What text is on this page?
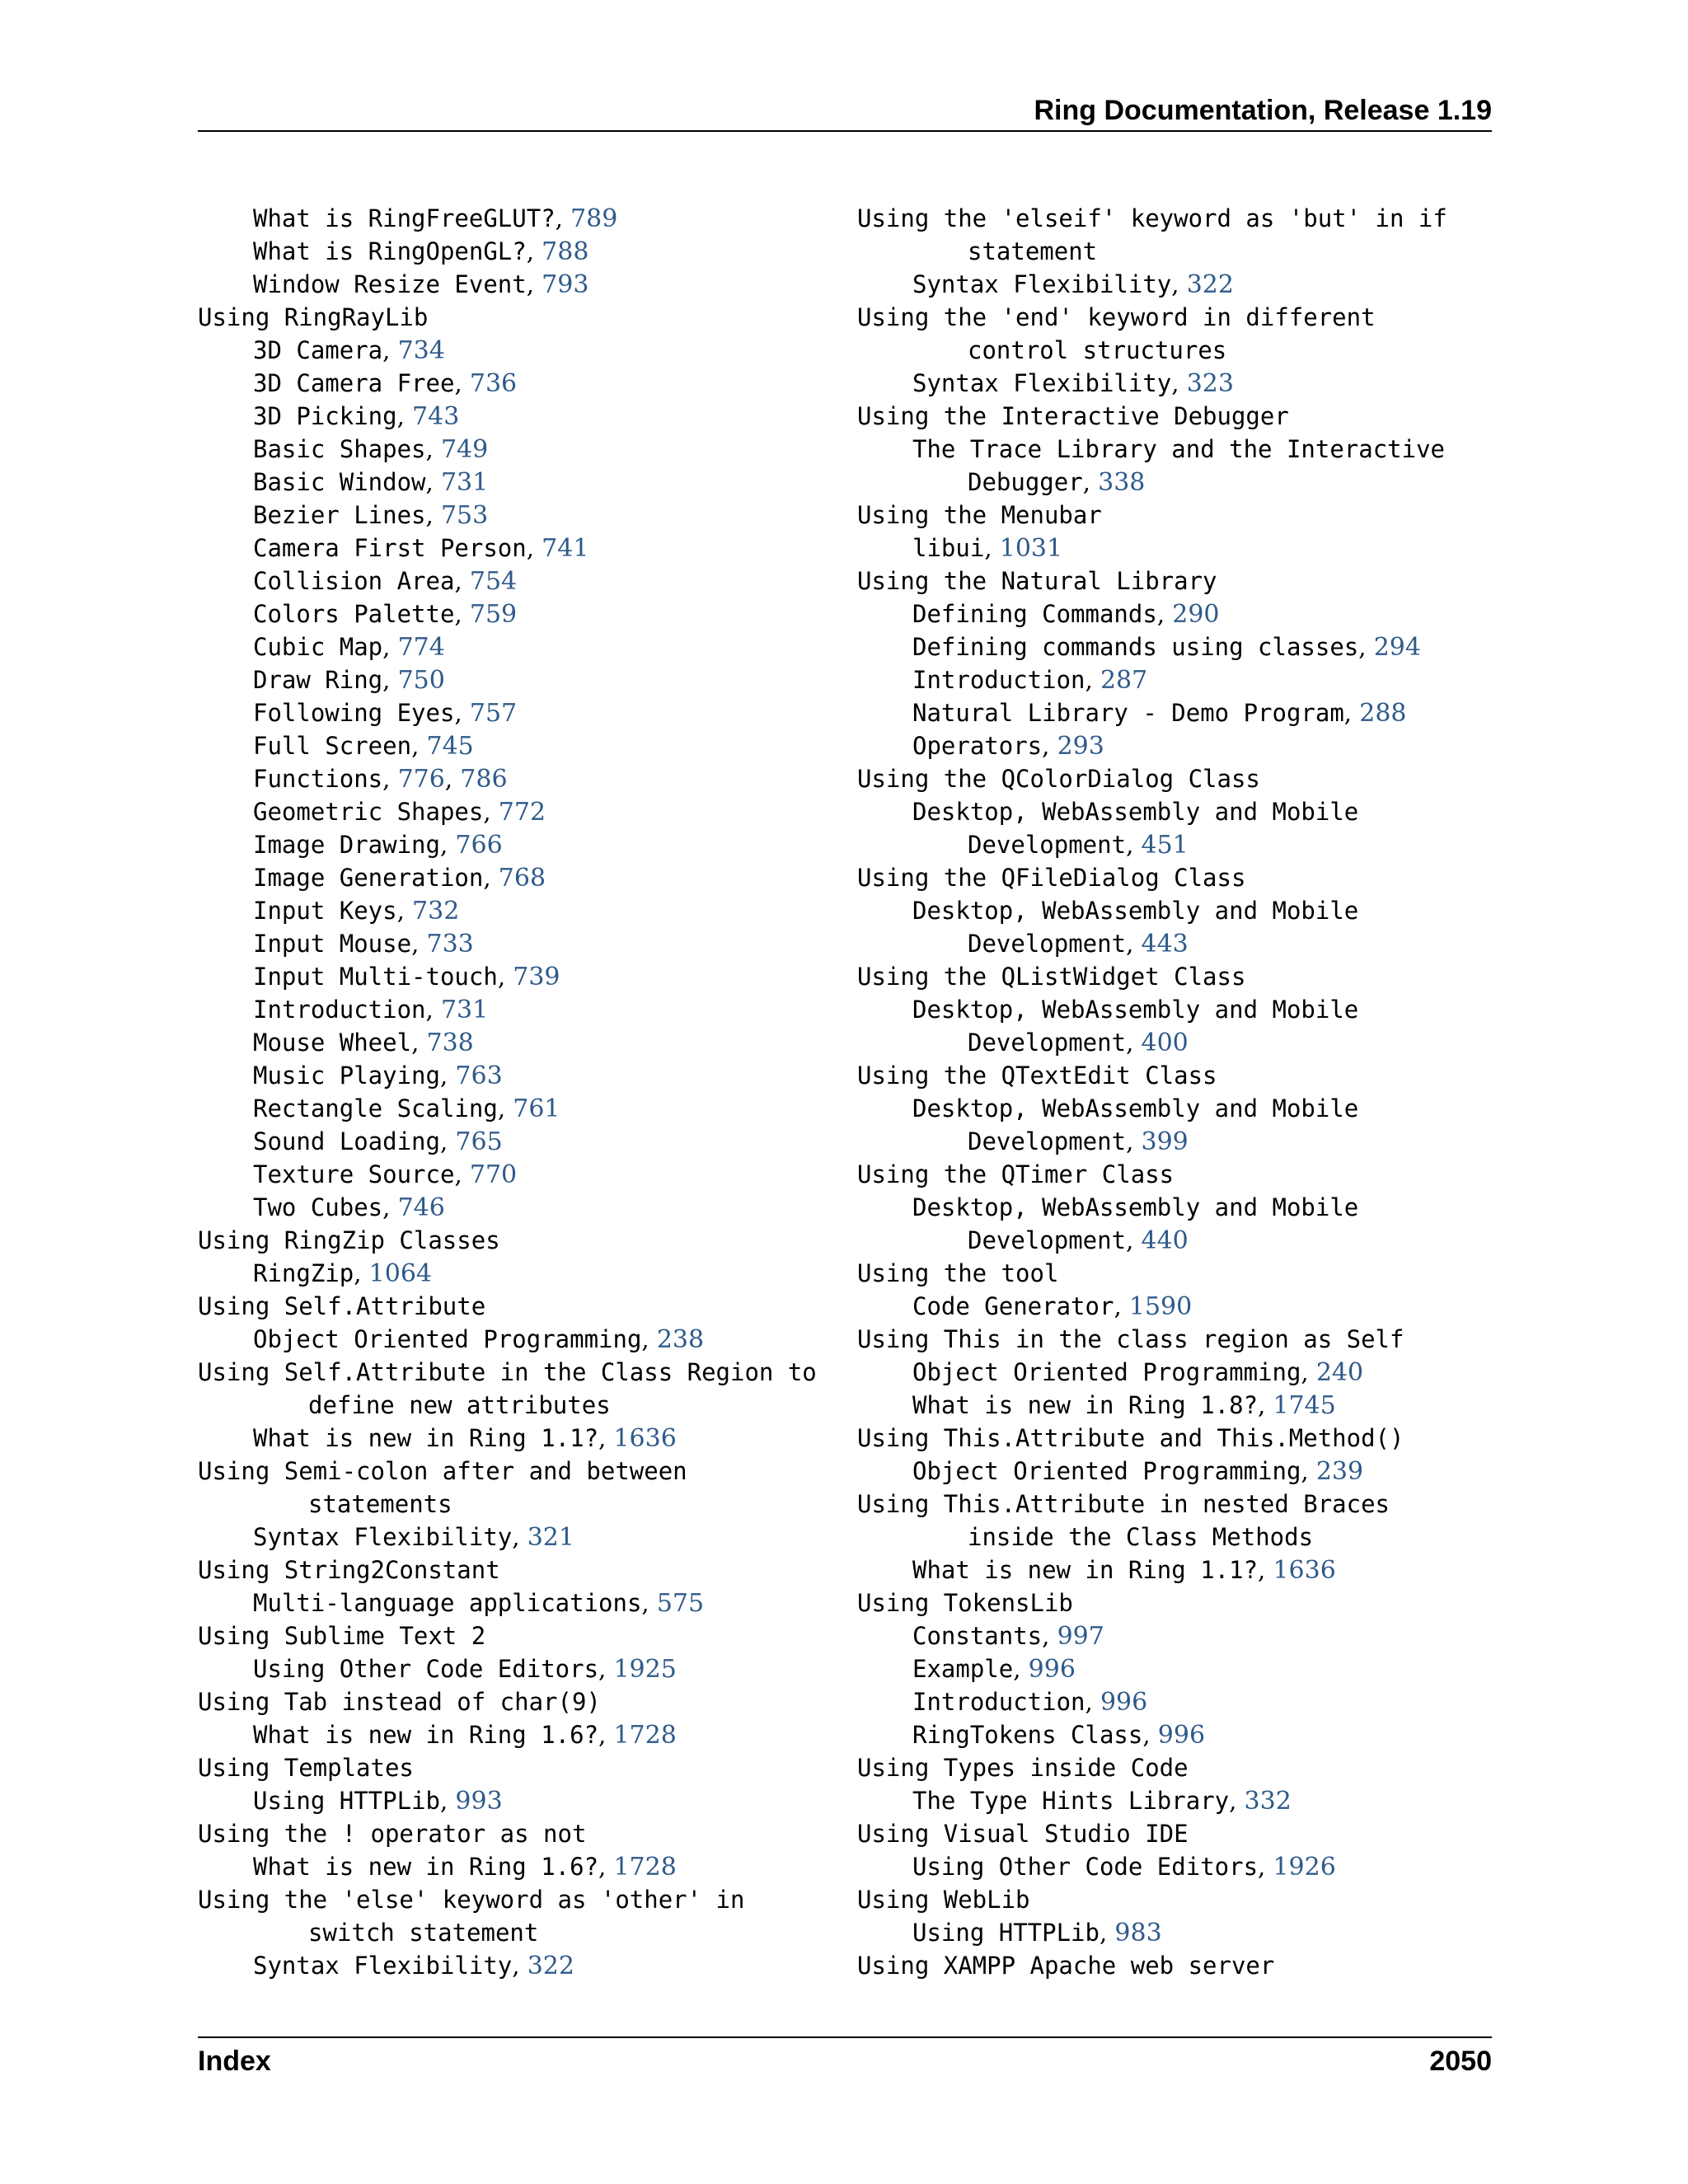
Ring Documentation, Release 1.19
What is RingFreeGLUT?, 789
What is RingOpenGL?, 788
Window Resize Event, 793
Using RingRayLib
3D Camera, 734
3D Camera Free, 736
3D Picking, 743
Basic Shapes, 749
Basic Window, 731
Bezier Lines, 753
Camera First Person, 741
Collision Area, 754
Colors Palette, 759
Cubic Map, 774
Draw Ring, 750
Following Eyes, 757
Full Screen, 745
Functions, 776, 786
Geometric Shapes, 772
Image Drawing, 766
Image Generation, 768
Input Keys, 732
Input Mouse, 733
Input Multi-touch, 739
Introduction, 731
Mouse Wheel, 738
Music Playing, 763
Rectangle Scaling, 761
Sound Loading, 765
Texture Source, 770
Two Cubes, 746
Using RingZip Classes
RingZip, 1064
Using Self.Attribute
Object Oriented Programming, 238
Using Self.Attribute in the Class Region to
define new attributes
What is new in Ring 1.1?, 1636
Using Semi-colon after and between
statements
Syntax Flexibility, 321
Using String2Constant
Multi-language applications, 575
Using Sublime Text 2
Using Other Code Editors, 1925
Using Tab instead of char(9)
What is new in Ring 1.6?, 1728
Using Templates
Using HTTPLib, 993
Using the ! operator as not
What is new in Ring 1.6?, 1728
Using the 'else' keyword as 'other' in
switch statement
Syntax Flexibility, 322
Using the 'elseif' keyword as 'but' in if
statement
Syntax Flexibility, 322
Using the 'end' keyword in different
control structures
Syntax Flexibility, 323
Using the Interactive Debugger
The Trace Library and the Interactive
Debugger, 338
Using the Menubar
libui, 1031
Using the Natural Library
Defining Commands, 290
Defining commands using classes, 294
Introduction, 287
Natural Library - Demo Program, 288
Operators, 293
Using the QColorDialog Class
Desktop, WebAssembly and Mobile
Development, 451
Using the QFileDialog Class
Desktop, WebAssembly and Mobile
Development, 443
Using the QListWidget Class
Desktop, WebAssembly and Mobile
Development, 400
Using the QTextEdit Class
Desktop, WebAssembly and Mobile
Development, 399
Using the QTimer Class
Desktop, WebAssembly and Mobile
Development, 440
Using the tool
Code Generator, 1590
Using This in the class region as Self
Object Oriented Programming, 240
What is new in Ring 1.8?, 1745
Using This.Attribute and This.Method()
Object Oriented Programming, 239
Using This.Attribute in nested Braces
inside the Class Methods
What is new in Ring 1.1?, 1636
Using TokensLib
Constants, 997
Example, 996
Introduction, 996
RingTokens Class, 996
Using Types inside Code
The Type Hints Library, 332
Using Visual Studio IDE
Using Other Code Editors, 1926
Using WebLib
Using HTTPLib, 983
Using XAMPP Apache web server
Index	2050
